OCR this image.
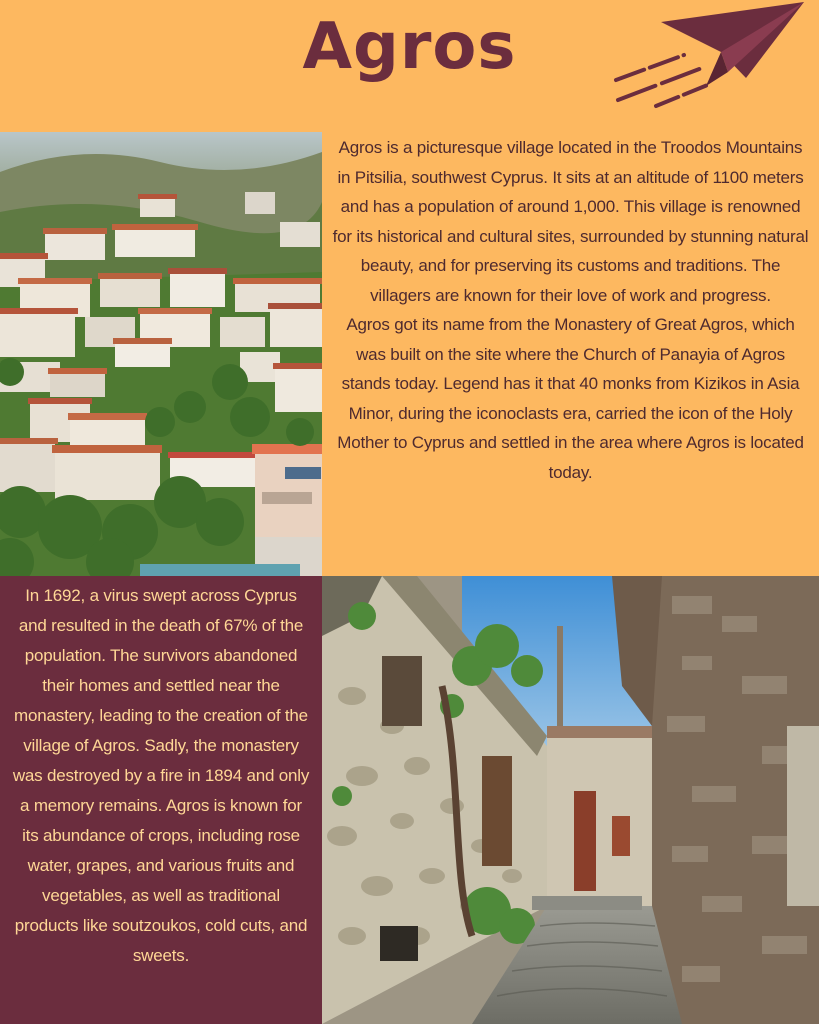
Agros

Agros is a picturesque village located in the Troodos Mountains in Pitsilia, southwest Cyprus. It sits at an altitude of 1100 meters and has a population of around 1,000. This village is renowned for its historical and cultural sites, surrounded by stunning natural beauty, and for preserving its customs and traditions. The villagers are known for their love of work and progress.

Agros got its name from the Monastery of Great Agros, which was built on the site where the Church of Panayia of Agros stands today. Legend has it that 40 monks from Kizikos in Asia Minor, during the iconoclasts era, carried the icon of the Holy Mother to Cyprus and settled in the area where Agros is located today.

In 1692, a virus swept across Cyprus and resulted in the death of 67% of the population. The survivors abandoned their homes and settled near the monastery, leading to the creation of the village of Agros. Sadly, the monastery was destroyed by a fire in 1894 and only a memory remains. Agros is known for its abundance of crops, including rose water, grapes, and various fruits and vegetables, as well as traditional products like soutzoukos, cold cuts, and sweets.
